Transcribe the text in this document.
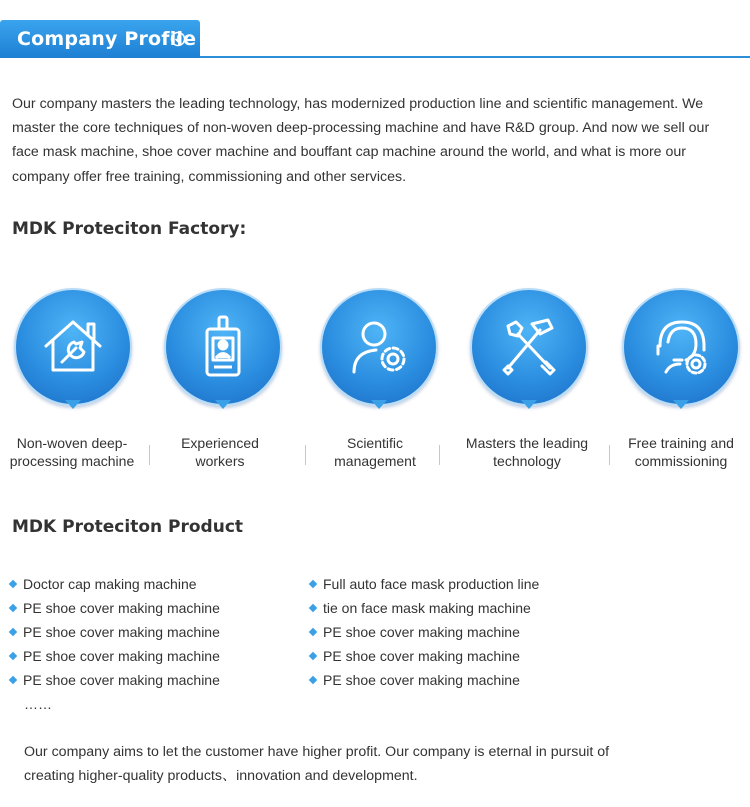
Company Profile
Our company masters the leading technology, has modernized production line and scientific management. We master the core techniques of non-woven deep-processing machine and have R&D group. And now we sell our face mask machine, shoe cover machine and bouffant cap machine around the world, and what is more our company offer free training, commissioning and other services.
MDK Proteciton Factory:
Non-woven deep-processing machine
Experienced workers
Scientific management
Masters the leading technology
Free training and commissioning
MDK Proteciton Product
Doctor cap making machine
PE shoe cover making machine
PE shoe cover making machine
PE shoe cover making machine
PE shoe cover making machine
Full auto face mask production line
tie on face mask making machine
PE shoe cover making machine
PE shoe cover making machine
PE shoe cover making machine
……
Our company aims to let the customer have higher profit. Our company is eternal in pursuit of creating higher-quality products、innovation and development.
